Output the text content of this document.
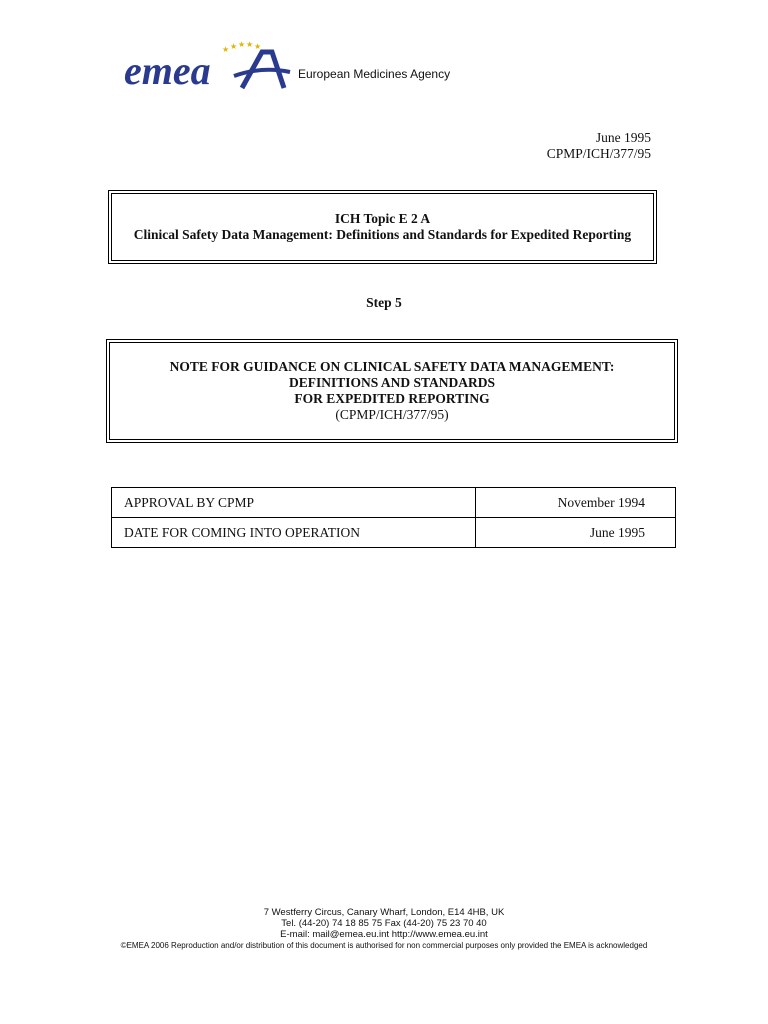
emea ★ ★ ★ ★ ★
European Medicines Agency
June 1995
CPMP/ICH/377/95
ICH Topic E 2 A
Clinical Safety Data Management: Definitions and Standards for Expedited Reporting
Step 5
NOTE FOR GUIDANCE ON CLINICAL SAFETY DATA MANAGEMENT:
DEFINITIONS AND STANDARDS
FOR EXPEDITED REPORTING
(CPMP/ICH/377/95)
APPROVAL BY CPMP	November 1994
DATE FOR COMING INTO OPERATION	June 1995
7 Westferry Circus, Canary Wharf, London, E14 4HB, UK
Tel. (44-20) 74 18 85 75 Fax (44-20) 75 23 70 40
E-mail: mail@emea.eu.int http://www.emea.eu.int
©EMEA 2006 Reproduction and/or distribution of this document is authorised for non commercial purposes only provided the EMEA is acknowledged
